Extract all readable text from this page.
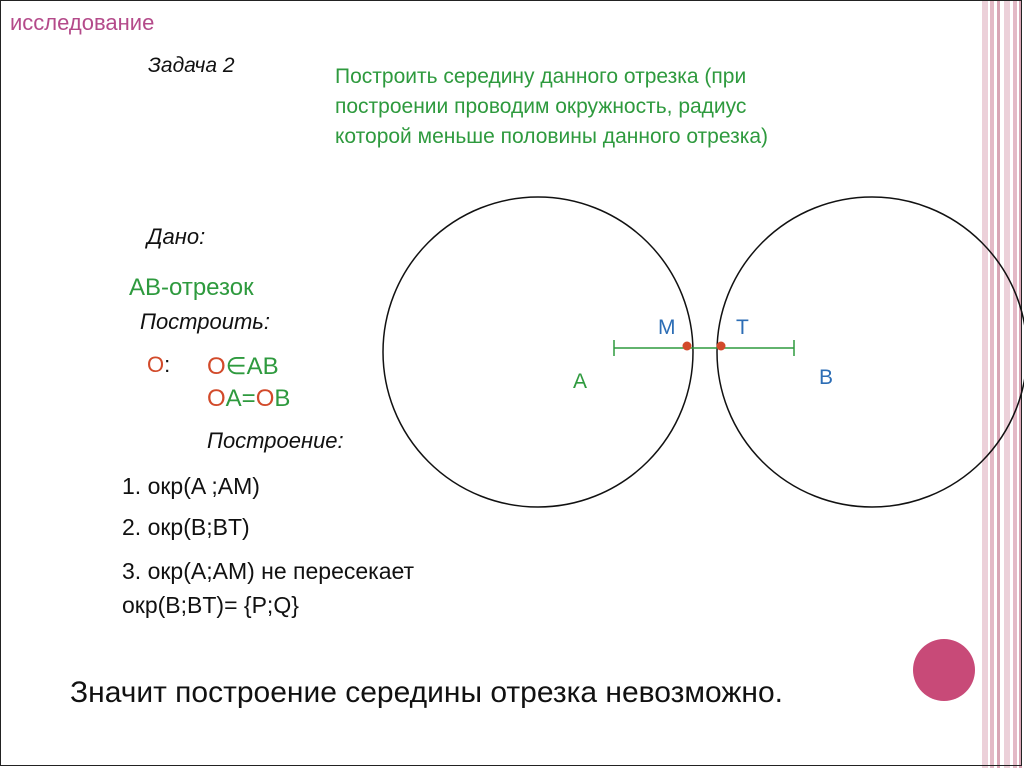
M	T
A	B
исследование
Задача 2	Построить середину данного отрезка (при
построении проводим окружность, радиус
которой меньше половины данного отрезка)
Дано:
AB-отрезок
Построить:
O: O∈AB
OA=OB
Построение:
1. окр(A ;AM)
2. окр(B;BT)
3. окр(A;AM) не пересекает
окр(B;BT)= {P;Q}
Значит построение середины отрезка невозможно.
